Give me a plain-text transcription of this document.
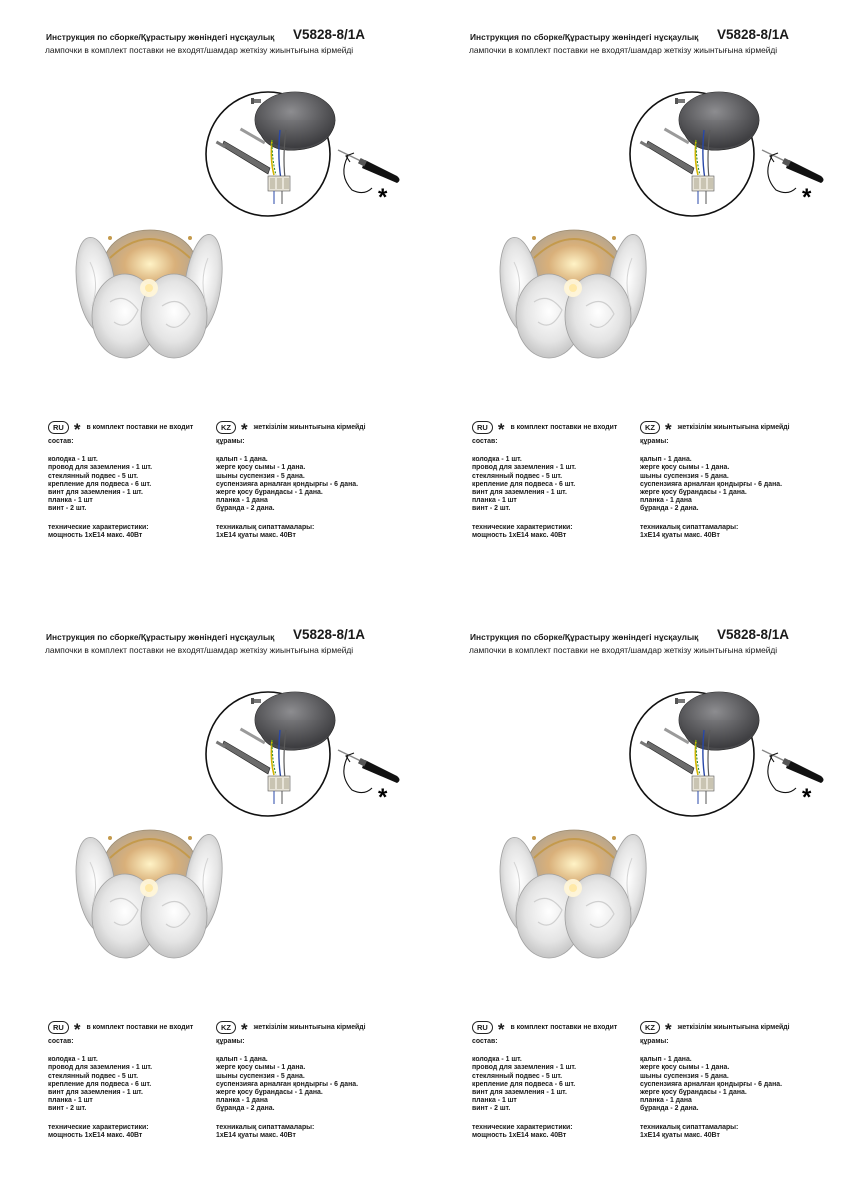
Инструкция по сборке/Құрастыру жөніндегі нұсқаулық V5828-8/1A
лампочки в комплект поставки не входят/шамдар жеткізу жиынтығына кірмейді
*
RU * в комплект поставки не входит
состав:
колодка - 1 шт.
провод для заземления - 1 шт.
стеклянный подвес - 5 шт.
крепление для подвеса - 6 шт.
винт для заземления - 1 шт.
планка - 1 шт
винт - 2 шт.
технические характеристики:
мощность 1хЕ14 макс. 40Вт
KZ * жеткізілім жиынтығына кірмейді
құрамы:
қалып - 1 дана.
жерге қосу сымы - 1 дана.
шыны суспензия - 5 дана.
суспензияға арналған қондырғы - 6 дана.
жерге қосу бұрандасы - 1 дана.
планка - 1 дана
бұранда - 2 дана.
техникалық сипаттамалары:
1хЕ14 қуаты макс. 40Вт
Инструкция по сборке/Құрастыру жөніндегі нұсқаулық V5828-8/1A
лампочки в комплект поставки не входят/шамдар жеткізу жиынтығына кірмейді
*
RU * в комплект поставки не входит
состав:
колодка - 1 шт.
провод для заземления - 1 шт.
стеклянный подвес - 5 шт.
крепление для подвеса - 6 шт.
винт для заземления - 1 шт.
планка - 1 шт
винт - 2 шт.
технические характеристики:
мощность 1хЕ14 макс. 40Вт
KZ * жеткізілім жиынтығына кірмейді
құрамы:
қалып - 1 дана.
жерге қосу сымы - 1 дана.
шыны суспензия - 5 дана.
суспензияға арналған қондырғы - 6 дана.
жерге қосу бұрандасы - 1 дана.
планка - 1 дана
бұранда - 2 дана.
техникалық сипаттамалары:
1хЕ14 қуаты макс. 40Вт
Инструкция по сборке/Құрастыру жөніндегі нұсқаулық V5828-8/1A
лампочки в комплект поставки не входят/шамдар жеткізу жиынтығына кірмейді
*
RU * в комплект поставки не входит
состав:
колодка - 1 шт.
провод для заземления - 1 шт.
стеклянный подвес - 5 шт.
крепление для подвеса - 6 шт.
винт для заземления - 1 шт.
планка - 1 шт
винт - 2 шт.
технические характеристики:
мощность 1хЕ14 макс. 40Вт
KZ * жеткізілім жиынтығына кірмейді
құрамы:
қалып - 1 дана.
жерге қосу сымы - 1 дана.
шыны суспензия - 5 дана.
суспензияға арналған қондырғы - 6 дана.
жерге қосу бұрандасы - 1 дана.
планка - 1 дана
бұранда - 2 дана.
техникалық сипаттамалары:
1хЕ14 қуаты макс. 40Вт
Инструкция по сборке/Құрастыру жөніндегі нұсқаулық V5828-8/1A
лампочки в комплект поставки не входят/шамдар жеткізу жиынтығына кірмейді
*
RU * в комплект поставки не входит
состав:
колодка - 1 шт.
провод для заземления - 1 шт.
стеклянный подвес - 5 шт.
крепление для подвеса - 6 шт.
винт для заземления - 1 шт.
планка - 1 шт
винт - 2 шт.
технические характеристики:
мощность 1хЕ14 макс. 40Вт
KZ * жеткізілім жиынтығына кірмейді
құрамы:
қалып - 1 дана.
жерге қосу сымы - 1 дана.
шыны суспензия - 5 дана.
суспензияға арналған қондырғы - 6 дана.
жерге қосу бұрандасы - 1 дана.
планка - 1 дана
бұранда - 2 дана.
техникалық сипаттамалары:
1хЕ14 қуаты макс. 40Вт
